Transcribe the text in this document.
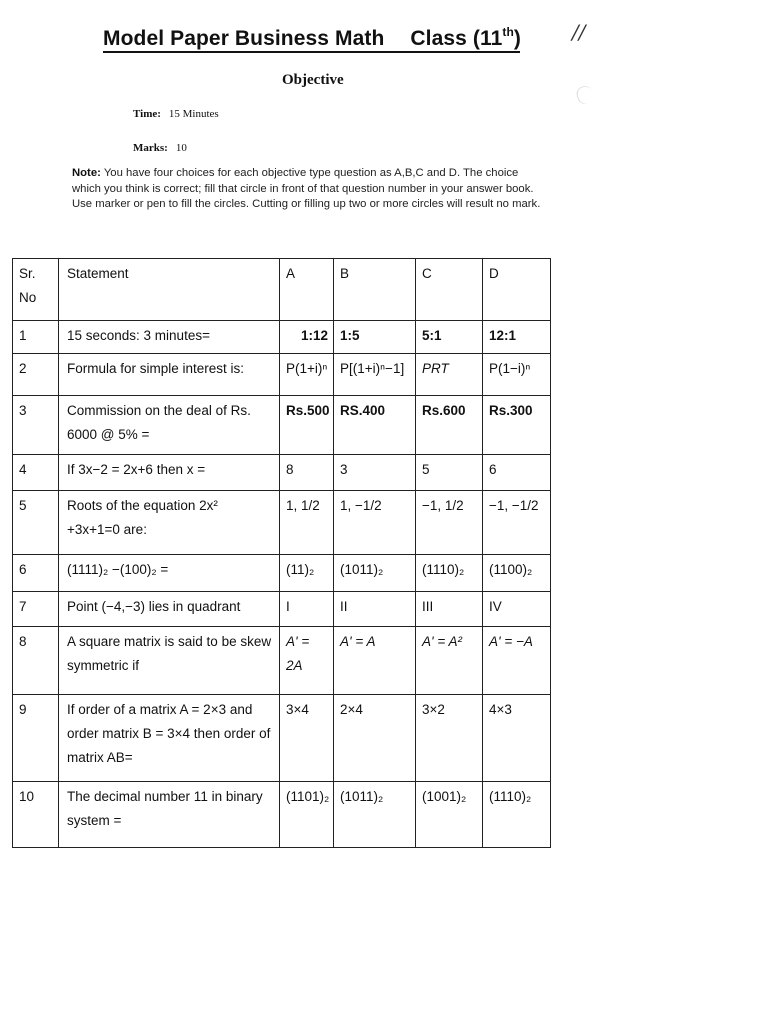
Model Paper Business Math Class (11th)	//
Objective
Time: 15 Minutes
Marks: 10
Note: You have four choices for each objective type question as A,B,C and D. The choice which you think is correct; fill that circle in front of that question number in your answer book. Use marker or pen to fill the circles. Cutting or filling up two or more circles will result no mark.
Sr. No	Statement	A	B	C	D
1	15 seconds: 3 minutes=	1:12	1:5	5:1	12:1
2	Formula for simple interest is:	P(1+i)ⁿ	P[(1+i)ⁿ−1]	PRT	P(1−i)ⁿ
3	Commission on the deal of Rs. 6000 @ 5% =	Rs.500	RS.400	Rs.600	Rs.300
4	If 3x−2 = 2x+6 then x =	8	3	5	6
5	Roots of the equation 2x² +3x+1=0 are:	1, 1/2	1, −1/2	−1, 1/2	−1, −1/2
6	(1111)₂ −(100)₂ =	(11)₂	(1011)₂	(1110)₂	(1100)₂
7	Point (−4,−3) lies in quadrant	I	II	III	IV
8	A square matrix is said to be skew symmetric if	A' = 2A	A' = A	A' = A²	A' = −A
9	If order of a matrix A = 2×3 and order matrix B = 3×4 then order of matrix AB=	3×4	2×4	3×2	4×3
10	The decimal number 11 in binary system =	(1101)₂	(1011)₂	(1001)₂	(1110)₂
